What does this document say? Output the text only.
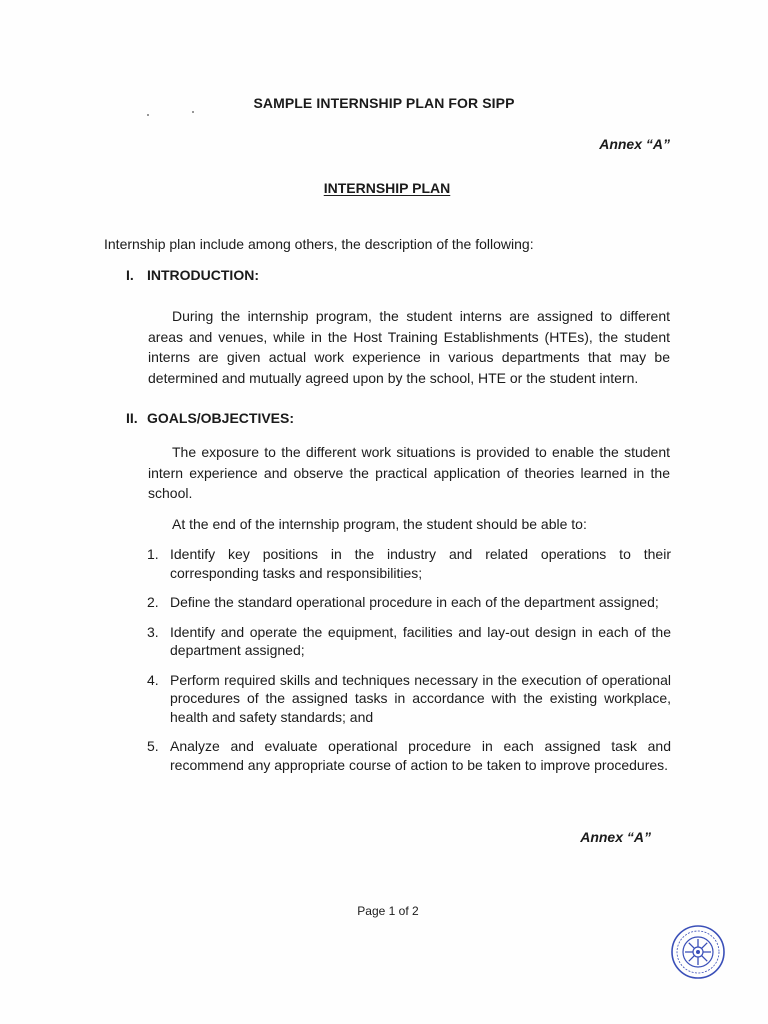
SAMPLE INTERNSHIP PLAN FOR SIPP
Annex “A”
INTERNSHIP PLAN
Internship plan include among others, the description of the following:
I. INTRODUCTION:
During the internship program, the student interns are assigned to different areas and venues, while in the Host Training Establishments (HTEs), the student interns are given actual work experience in various departments that may be determined and mutually agreed upon by the school, HTE or the student intern.
II. GOALS/OBJECTIVES:
The exposure to the different work situations is provided to enable the student intern experience and observe the practical application of theories learned in the school.
At the end of the internship program, the student should be able to:
1. Identify key positions in the industry and related operations to their corresponding tasks and responsibilities;
2. Define the standard operational procedure in each of the department assigned;
3. Identify and operate the equipment, facilities and lay-out design in each of the department assigned;
4. Perform required skills and techniques necessary in the execution of operational procedures of the assigned tasks in accordance with the existing workplace, health and safety standards; and
5. Analyze and evaluate operational procedure in each assigned task and recommend any appropriate course of action to be taken to improve procedures.
Annex “A”
Page 1 of 2
